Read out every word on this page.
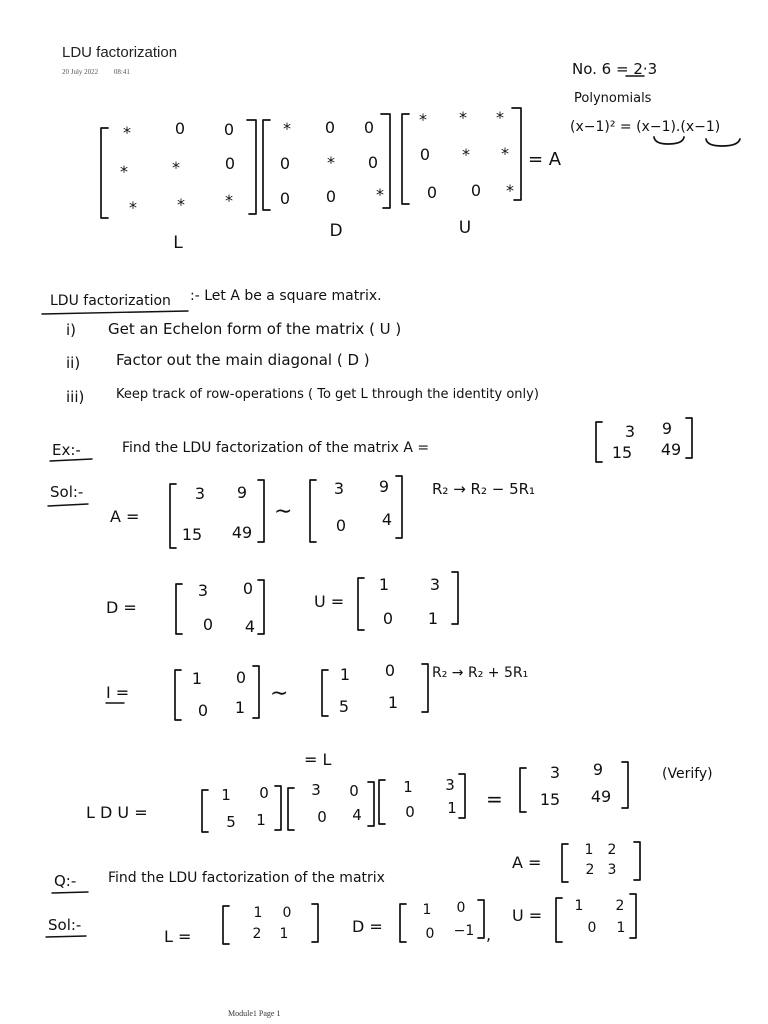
LDU factorization
20 July 2022 08:41	No. 6 = 2·3
Polynomials
(x−1)² = (x−1).(x−1)
*	0 0
*	*	0
*	*	*
* 0 0
0 * 0
0 0 *
* * *
0 * *
0 0 *
= A
L
D	U
LDU factorization :- Let A be a square matrix.
i) Get an Echelon form of the matrix ( U )
ii) Factor out the main diagonal ( D )
iii) Keep track of row-operations ( To get L through the identity only)
Ex:-	Find the LDU factorization of the matrix A =
3 9
15 49
Sol:-
A =
3 9
15 49
∼
3 9
0 4
R₂ → R₂ − 5R₁
D =
3 0
0 4
U =
1	3
0 1
I =
1 0
0 1
∼
1 0
5 1
R₂ → R₂ + 5R₁
= L
L D U =
1 0
5 1
3 0
0 4
1 3
0 1 =
3 9
15 49
(Verify)
Q:- Find the LDU factorization of the matrix
A =
1 2
2 3
Sol:-
L =
1 0
2 1	D =
1 0
0 −1 ,
U = 1 2
0 1
Module1 Page 1
